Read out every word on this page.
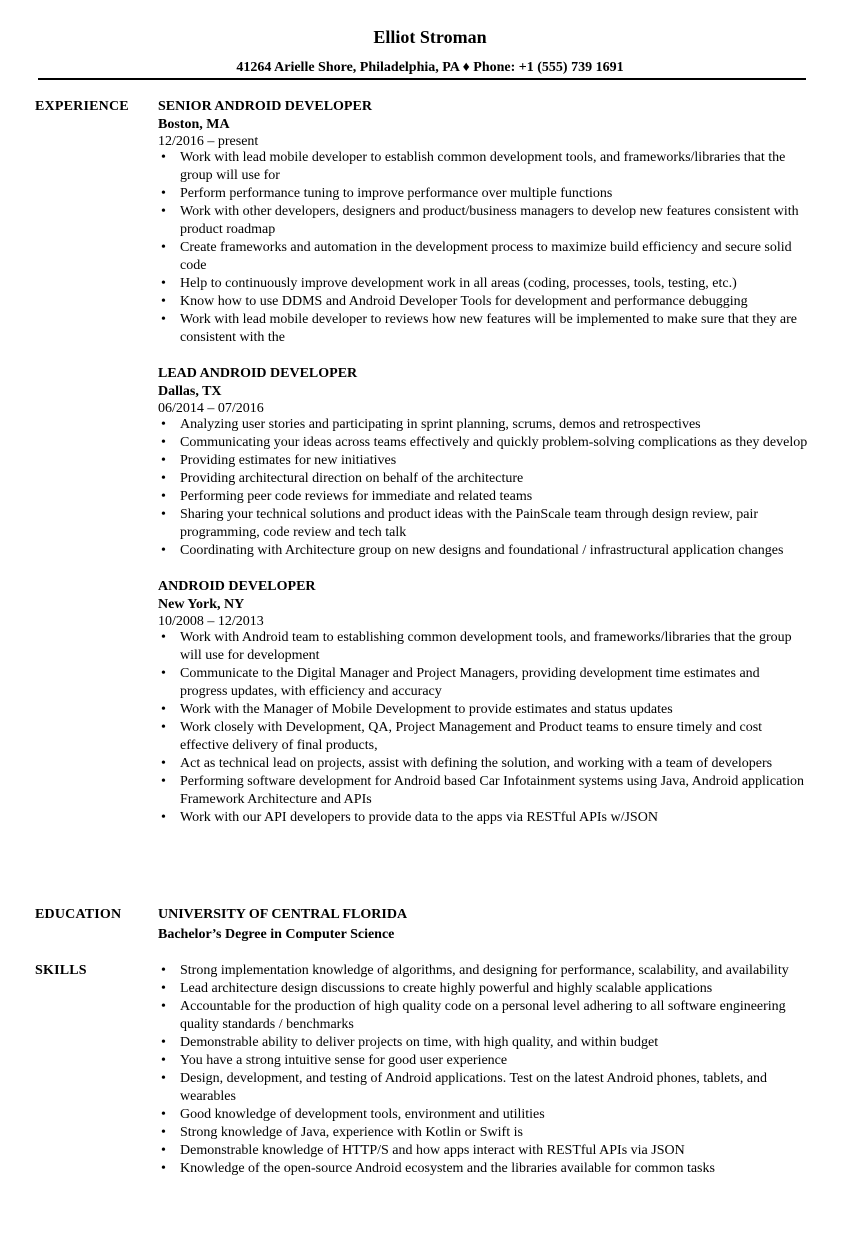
Elliot Stroman
41264 Arielle Shore, Philadelphia, PA ♦ Phone: +1 (555) 739 1691
EXPERIENCE SENIOR ANDROID DEVELOPER
Boston, MA
12/2016 – present
• Work with lead mobile developer to establish common development tools, and frameworks/libraries that the group will use for
• Perform performance tuning to improve performance over multiple functions
• Work with other developers, designers and product/business managers to develop new features consistent with product roadmap
• Create frameworks and automation in the development process to maximize build efficiency and secure solid code
• Help to continuously improve development work in all areas (coding, processes, tools, testing, etc.)
• Know how to use DDMS and Android Developer Tools for development and performance debugging
• Work with lead mobile developer to reviews how new features will be implemented to make sure that they are consistent with the
LEAD ANDROID DEVELOPER
Dallas, TX
06/2014 – 07/2016
• Analyzing user stories and participating in sprint planning, scrums, demos and retrospectives
• Communicating your ideas across teams effectively and quickly problem-solving complications as they develop
• Providing estimates for new initiatives
• Providing architectural direction on behalf of the architecture
• Performing peer code reviews for immediate and related teams
• Sharing your technical solutions and product ideas with the PainScale team through design review, pair programming, code review and tech talk
• Coordinating with Architecture group on new designs and foundational / infrastructural application changes
ANDROID DEVELOPER
New York, NY
10/2008 – 12/2013
• Work with Android team to establishing common development tools, and frameworks/libraries that the group will use for development
• Communicate to the Digital Manager and Project Managers, providing development time estimates and progress updates, with efficiency and accuracy
• Work with the Manager of Mobile Development to provide estimates and status updates
• Work closely with Development, QA, Project Management and Product teams to ensure timely and cost effective delivery of final products,
• Act as technical lead on projects, assist with defining the solution, and working with a team of developers
• Performing software development for Android based Car Infotainment systems using Java, Android application Framework Architecture and APIs
• Work with our API developers to provide data to the apps via RESTful APIs w/JSON
EDUCATION	UNIVERSITY OF CENTRAL FLORIDA
Bachelor’s Degree in Computer Science
SKILLS	• Strong implementation knowledge of algorithms, and designing for performance, scalability, and availability
• Lead architecture design discussions to create highly powerful and highly scalable applications
• Accountable for the production of high quality code on a personal level adhering to all software engineering quality standards / benchmarks
• Demonstrable ability to deliver projects on time, with high quality, and within budget
• You have a strong intuitive sense for good user experience
• Design, development, and testing of Android applications. Test on the latest Android phones, tablets, and wearables
• Good knowledge of development tools, environment and utilities
• Strong knowledge of Java, experience with Kotlin or Swift is
• Demonstrable knowledge of HTTP/S and how apps interact with RESTful APIs via JSON
• Knowledge of the open-source Android ecosystem and the libraries available for common tasks
